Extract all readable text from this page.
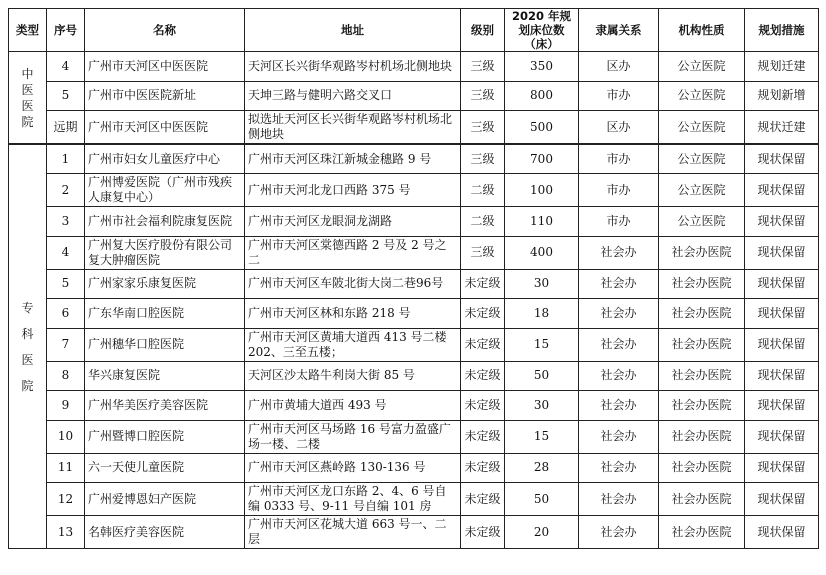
类型	序号	名称	地址	级别	2020 年规划床位数（床）	隶属关系	机构性质	规划措施
中医医院	4	广州市天河区中医医院	天河区长兴街华观路岑村机场北侧地块	三级	350	区办	公立医院	规划迁建
	5	广州市中医医院新址	天坤三路与健明六路交叉口	三级	800	市办	公立医院	规划新增
	远期	广州市天河区中医医院	拟选址天河区长兴街华观路岑村机场北侧地块	三级	500	区办	公立医院	规状迁建
专科医院	1	广州市妇女儿童医疗中心	广州市天河区珠江新城金穗路 9 号	三级	700	市办	公立医院	现状保留
	2	广州博爱医院（广州市残疾人康复中心）	广州市天河北龙口西路 375 号	二级	100	市办	公立医院	现状保留
	3	广州市社会福利院康复医院	广州市天河区龙眼洞龙湖路	二级	110	市办	公立医院	现状保留
	4	广州复大医疗股份有限公司复大肿瘤医院	广州市天河区棠德西路 2 号及 2 号之二	三级	400	社会办	社会办医院	现状保留
	5	广州家家乐康复医院	广州市天河区车陂北街大岗二巷96号	未定级	30	社会办	社会办医院	现状保留
	6	广东华南口腔医院	广州市天河区林和东路 218 号	未定级	18	社会办	社会办医院	现状保留
	7	广州穗华口腔医院	广州市天河区黄埔大道西 413 号二楼 202、三至五楼；	未定级	15	社会办	社会办医院	现状保留
	8	华兴康复医院	天河区沙太路牛利岗大街 85 号	未定级	50	社会办	社会办医院	现状保留
	9	广州华美医疗美容医院	广州市黄埔大道西 493 号	未定级	30	社会办	社会办医院	现状保留
	10	广州暨博口腔医院	广州市天河区马场路 16 号富力盈盛广场一楼、二楼	未定级	15	社会办	社会办医院	现状保留
	11	六一天使儿童医院	广州市天河区燕岭路 130-136 号	未定级	28	社会办	社会办医院	现状保留
	12	广州爱博恩妇产医院	广州市天河区龙口东路 2、4、6 号自编 0333 号、9-11 号自编 101 房	未定级	50	社会办	社会办医院	现状保留
	13	名韩医疗美容医院	广州市天河区花城大道 663 号一、二层	未定级	20	社会办	社会办医院	现状保留
